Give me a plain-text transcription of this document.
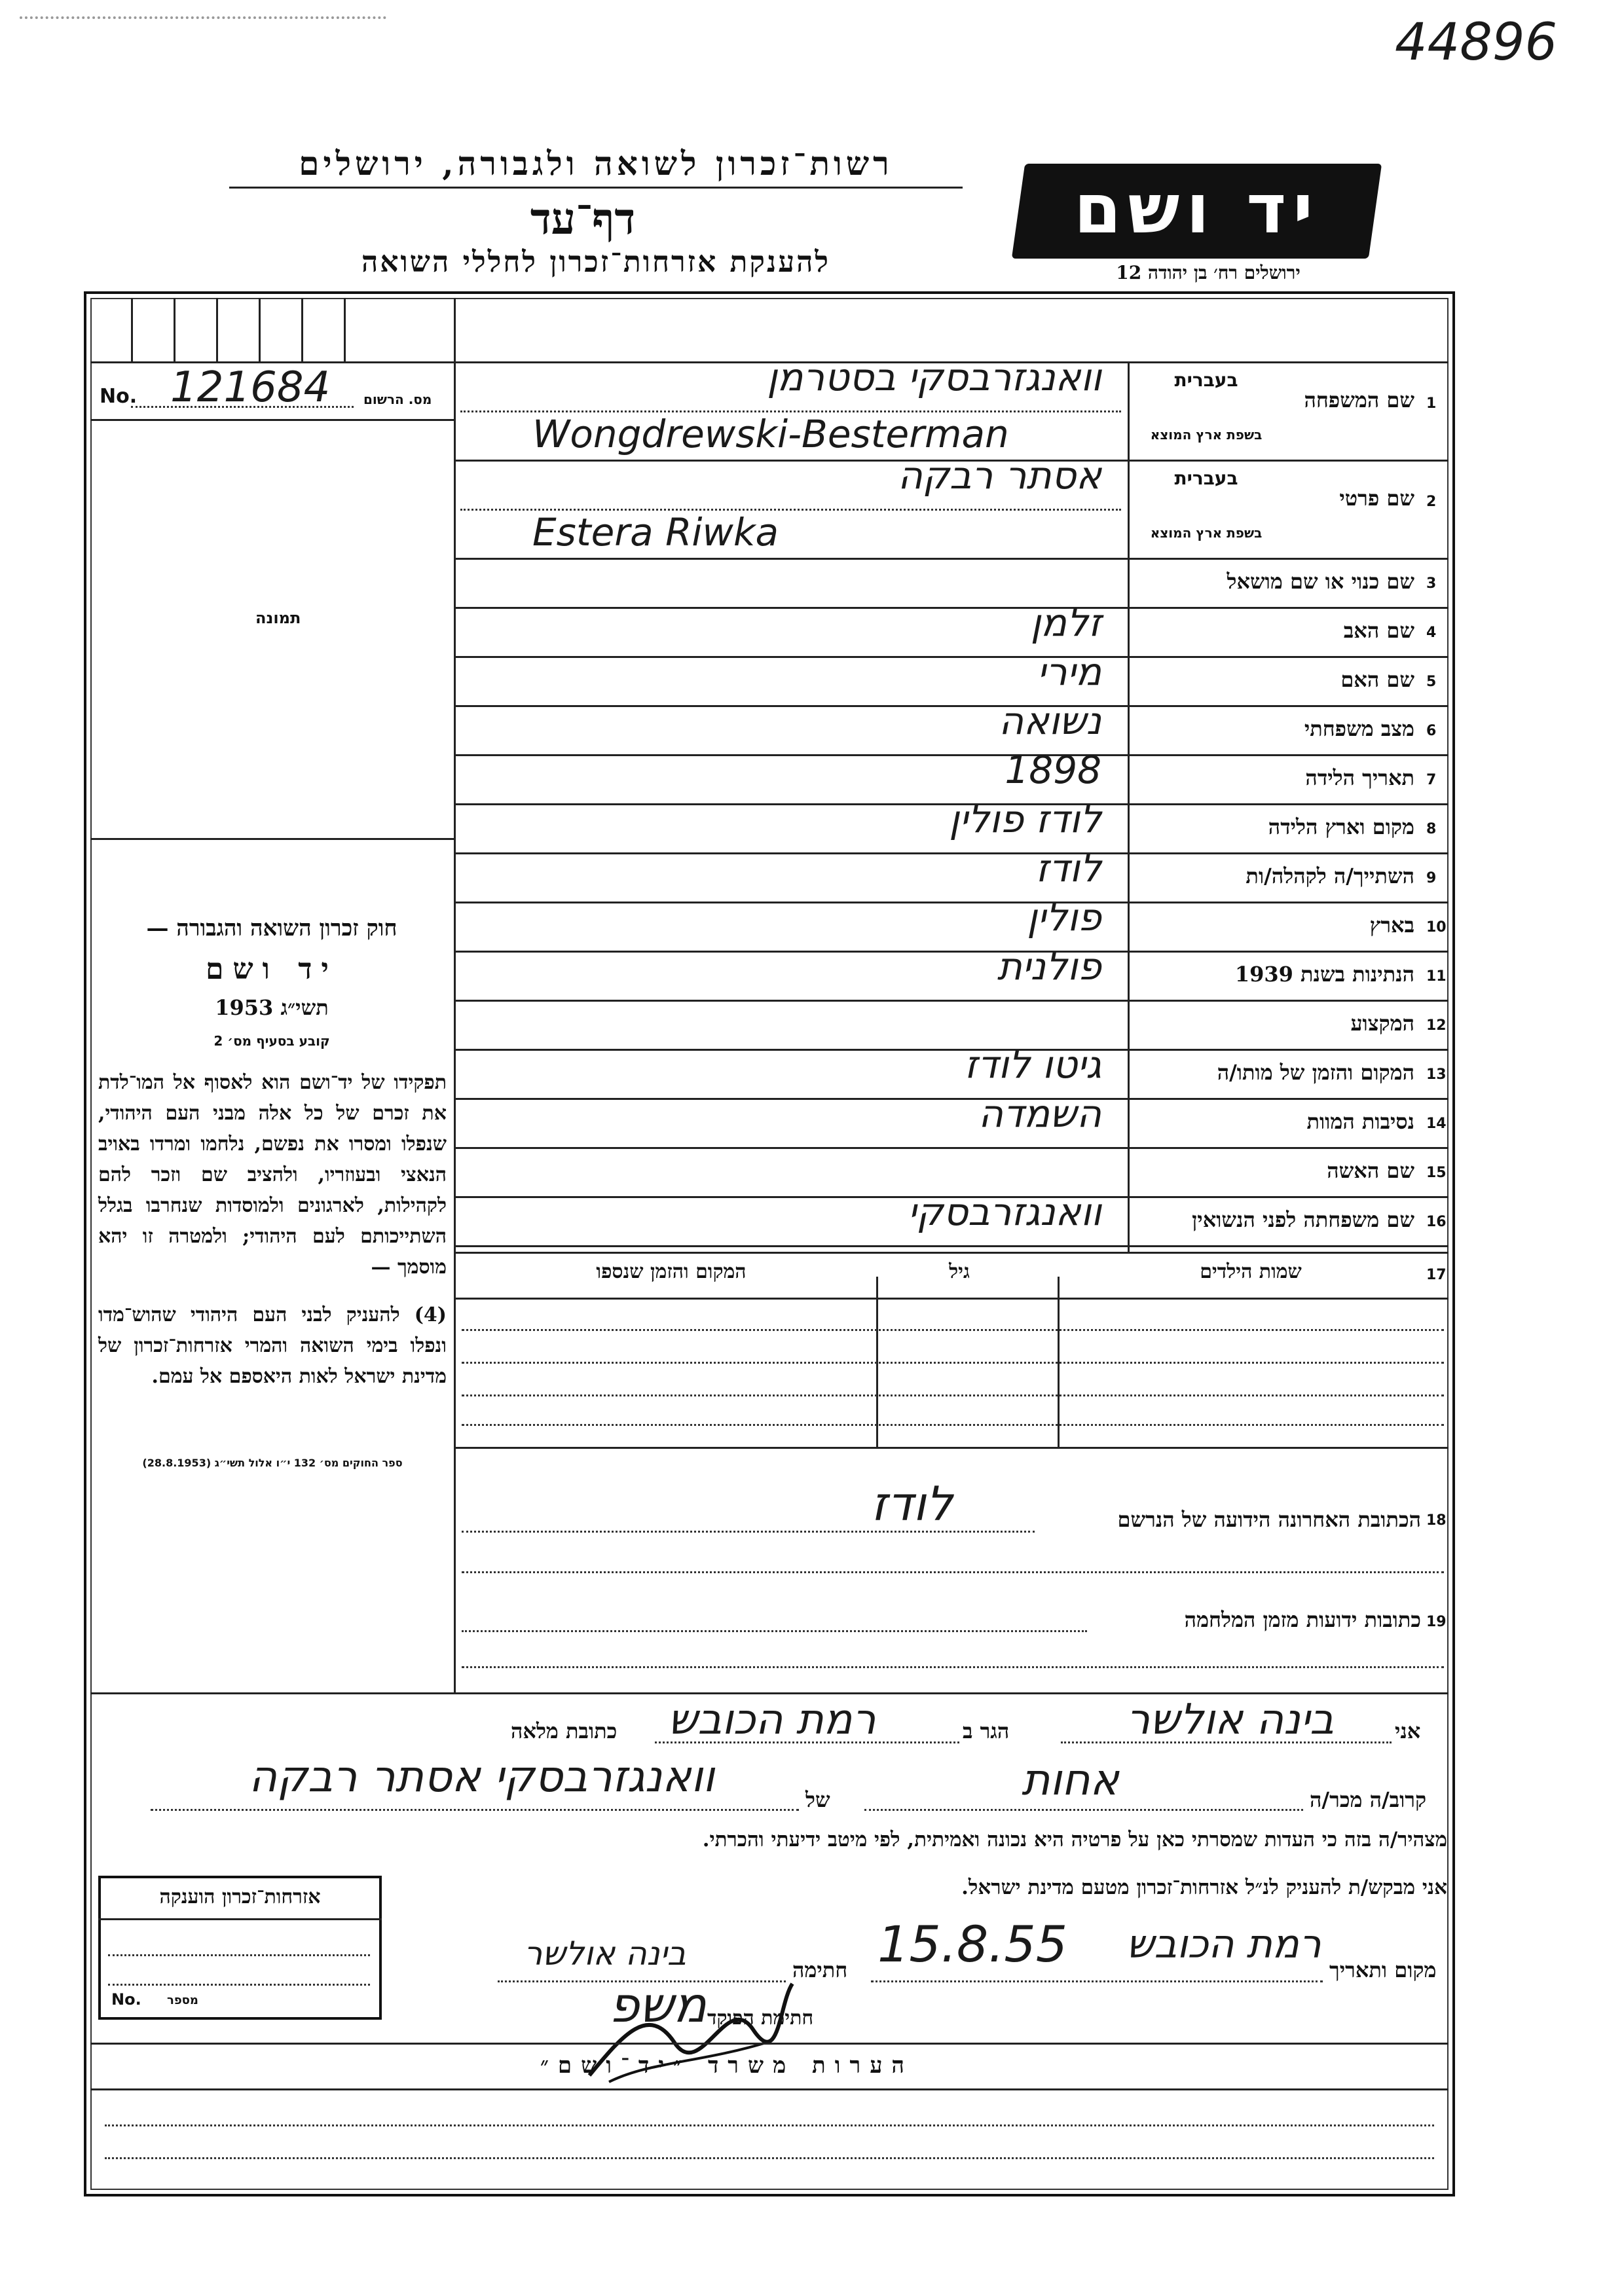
44896
רשות־זכרון לשואה ולגבורה, ירושלים
דף־עד
להענקת אזרחות־זכרון לחללי השואה
יד ושם
ירושלים רח׳ בן יהודה 12
No. 121684	מס. הרשום
תמונה
חוק זכרון השואה והגבורה —
יד ושם
תשי״ג 1953
קובע בסעיף מס׳ 2
תפקידו של יד־ושם הוא לאסוף אל המו־לדת את זכרם של כל אלה מבני העם היהודי, שנפלו ומסרו את נפשם, נלחמו ומרדו באויב הנאצי ובעוזריו, ולהציב שם וזכר להם לקהילות, לארגונים ולמוסדות שנחרבו בגלל השתייכותם לעם היהודי; ולמטרה זו יהא מוסמך —
(4) להעניק לבני העם היהודי שהוש־מדו ונפלו בימי השואה והמרי אזרחות־זכרון של מדינת ישראל לאות היאספם אל עמם.
ספר החוקים מס׳ 132 י״ו אלול תשי״ג (28.8.1953)
1
שם המשפחה
בעברית
בשפת ארץ המוצא
וואנגזרבסקי בסטרמן
Wongdrewski-Besterman
2
שם פרטי
בעברית
בשפת ארץ המוצא
אסתר רבקה
Estera Riwka
3
שם כנוי או שם מושאל
4
שם האב
זלמן
5
שם האם
מירי
6
מצב משפחתי
נשואה
7
תאריך הלידה
1898
8
מקום וארץ הלידה
לודז פולין
9
השתייך/ה לקהלה/ות
לודז
10
בארץ
פולין
11
הנתינות בשנת 1939
פולנית
12
המקצוע
13
המקום והזמן של מותו/ה
גיטו לודז
14
נסיבות המוות
השמדה
15
שם האשה
16
שם משפחתה לפני הנשואין
וואנגזרבסקי
17
שמות הילדים
גיל
המקום והזמן שנספו
18
הכתובת האחרונה הידועה של הנרשם
לודז
19
כתובות ידועות מזמן המלחמה
אני
בינה אולשר
הגר ב
רמת הכובש
כתובת מלאה
קרוב/ה מכר/ה
אחות
של
וואנגזרבסקי אסתר רבקה
מצהיר/ה בזה כי העדות שמסרתי כאן על פרטיה היא נכונה ואמיתית, לפי מיטב ידיעתי והכרתי.
אני מבקש/ת להעניק לנ״ל אזרחות־זכרון מטעם מדינת ישראל.
אזרחות־זכרון הוענקה
No. מספר
מקום ותאריך
רמת הכובש
15.8.55
חתימה
בינה אולשר
חתימת הפוקד
משפ
הערות משרד ״יד־ושם״
